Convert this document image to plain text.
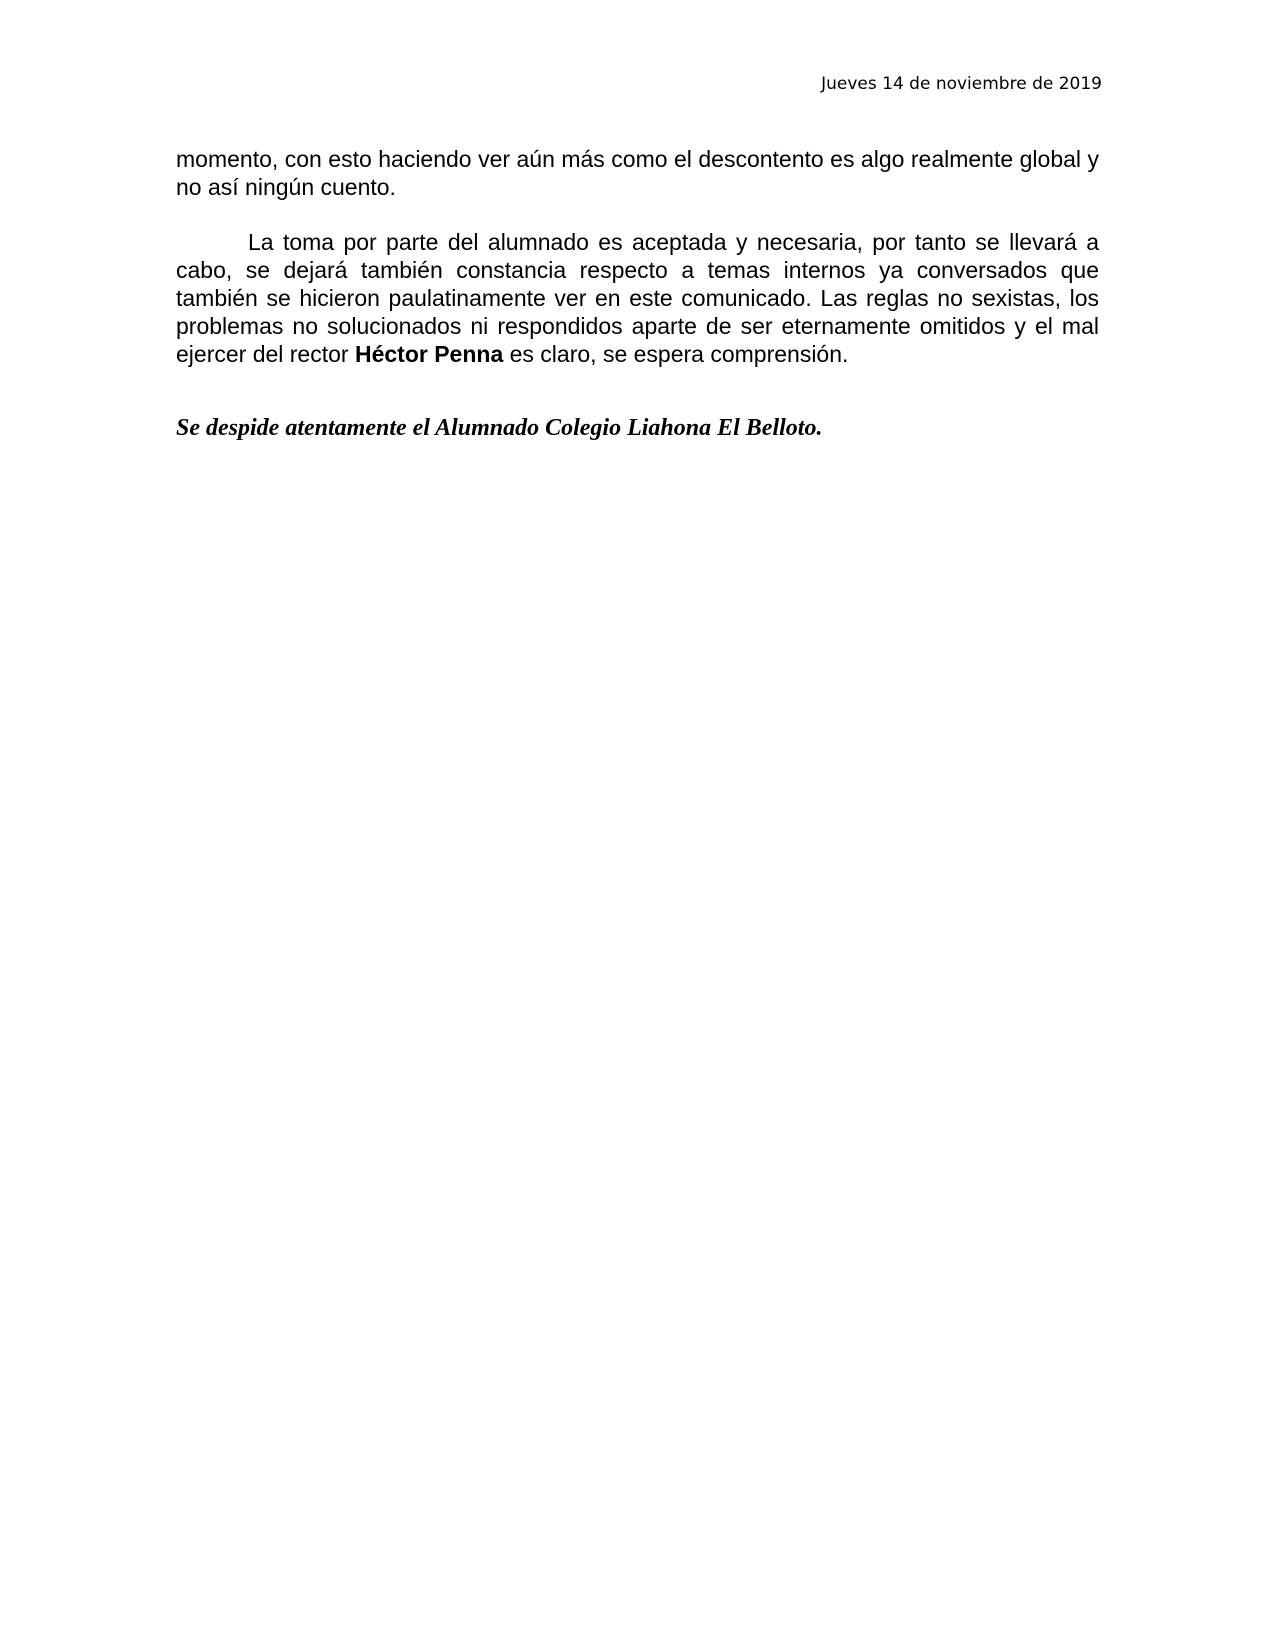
Jueves 14 de noviembre de 2019

momento, con esto haciendo ver aún más como el descontento es algo realmente global y no así ningún cuento.

La toma por parte del alumnado es aceptada y necesaria, por tanto se llevará a cabo, se dejará también constancia respecto a temas internos ya conversados que también se hicieron paulatinamente ver en este comunicado. Las reglas no sexistas, los problemas no solucionados ni respondidos aparte de ser eternamente omitidos y el mal ejercer del rector Héctor Penna es claro, se espera comprensión.

Se despide atentamente el Alumnado Colegio Liahona El Belloto.
